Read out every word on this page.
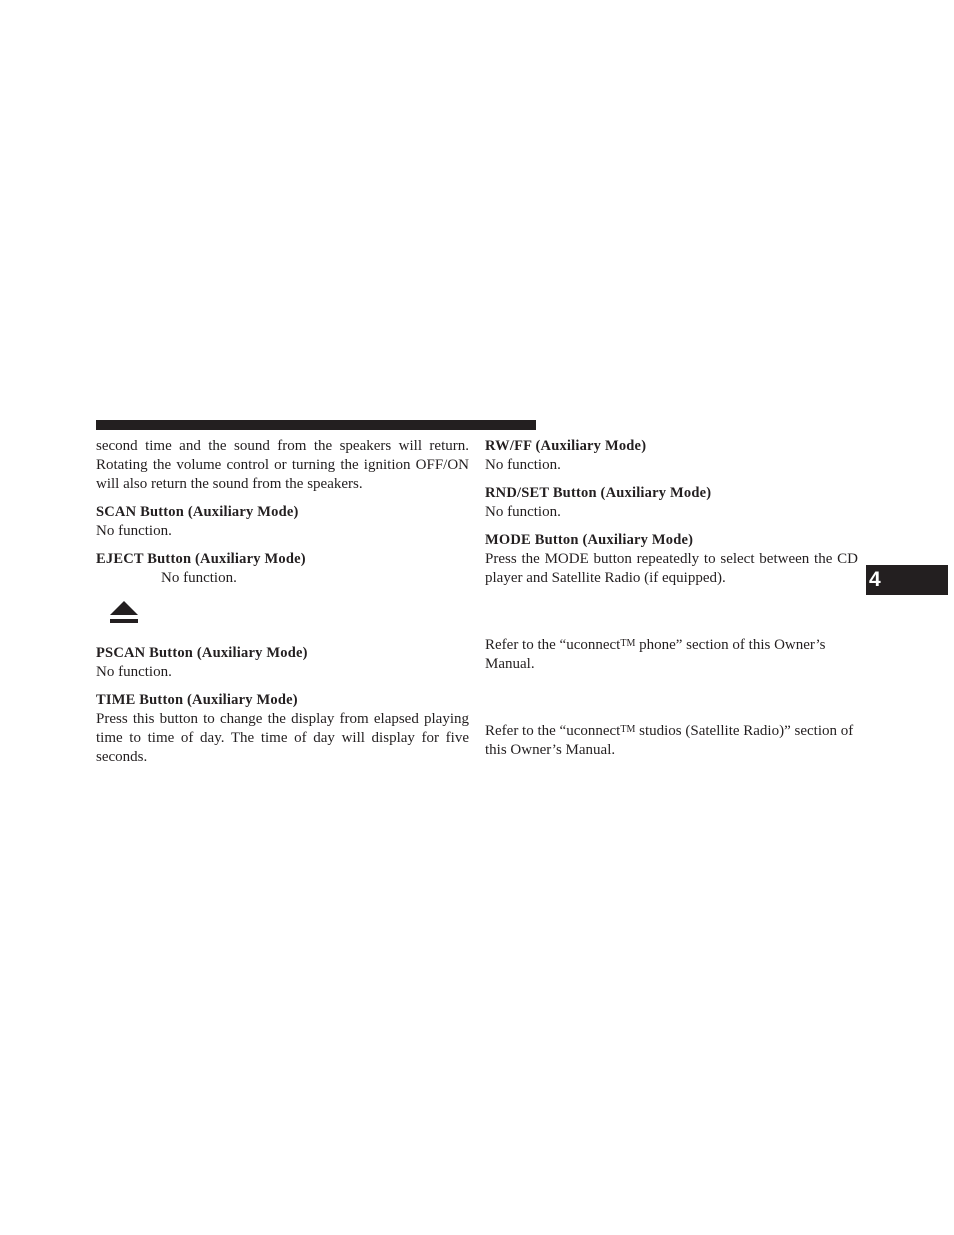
second time and the sound from the speakers will return. Rotating the volume control or turning the ignition OFF/ON will also return the sound from the speakers.

SCAN Button (Auxiliary Mode)

No function.

EJECT Button (Auxiliary Mode)

No function.

PSCAN Button (Auxiliary Mode)

No function.

TIME Button (Auxiliary Mode)

Press this button to change the display from elapsed playing time to time of day. The time of day will display for five seconds.

RW/FF (Auxiliary Mode)

No function.

RND/SET Button (Auxiliary Mode)

No function.

MODE Button (Auxiliary Mode)

Press the MODE button repeatedly to select between the CD player and Satellite Radio (if equipped).

Refer to the “uconnect™ phone” section of this Owner’s Manual.

Refer to the “uconnect™ studios (Satellite Radio)” section of this Owner’s Manual.

4
